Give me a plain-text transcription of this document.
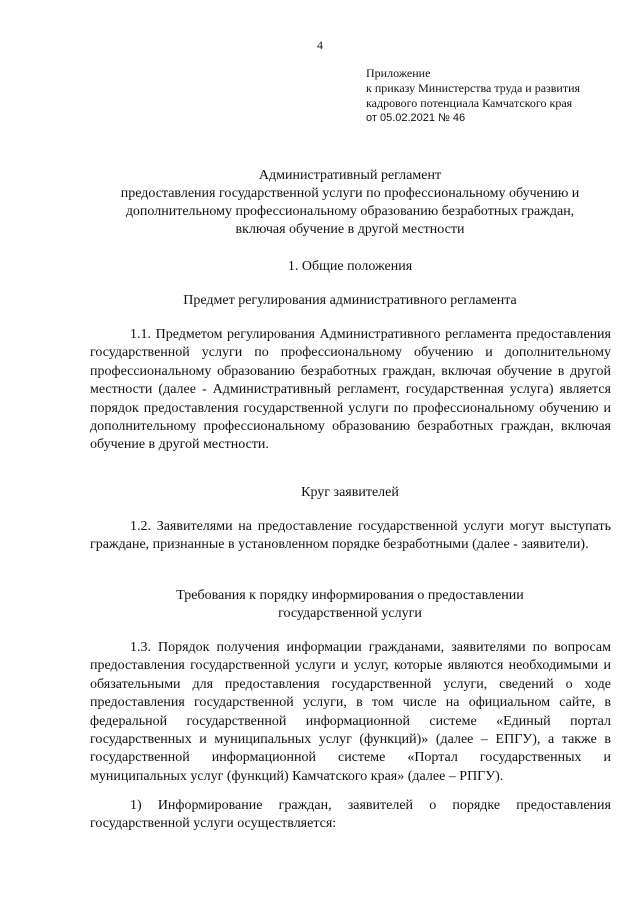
4
Приложение
к приказу Министерства труда и развития
кадрового потенциала Камчатского края
от 05.02.2021 № 46
Административный регламент
предоставления государственной услуги по профессиональному обучению и
дополнительному профессиональному образованию безработных граждан,
включая обучение в другой местности
1. Общие положения
Предмет регулирования административного регламента

1.1. Предметом регулирования Административного регламента предоставления государственной услуги по профессиональному обучению и дополнительному профессиональному образованию безработных граждан, включая обучение в другой местности (далее - Административный регламент, государственная услуга) является порядок предоставления государственной услуги по профессиональному обучению и дополнительному профессиональному образованию безработных граждан, включая обучение в другой местности.

Круг заявителей

1.2. Заявителями на предоставление государственной услуги могут выступать граждане, признанные в установленном порядке безработными (далее - заявители).

Требования к порядку информирования о предоставлении
государственной услуги

1.3. Порядок получения информации гражданами, заявителями по вопросам предоставления государственной услуги и услуг, которые являются необходимыми и обязательными для предоставления государственной услуги, сведений о ходе предоставления государственной услуги, в том числе на официальном сайте, в федеральной государственной информационной системе «Единый портал государственных и муниципальных услуг (функций)» (далее – ЕПГУ), а также в государственной информационной системе «Портал государственных и муниципальных услуг (функций) Камчатского края» (далее – РПГУ).

1) Информирование граждан, заявителей о порядке предоставления государственной услуги осуществляется:
